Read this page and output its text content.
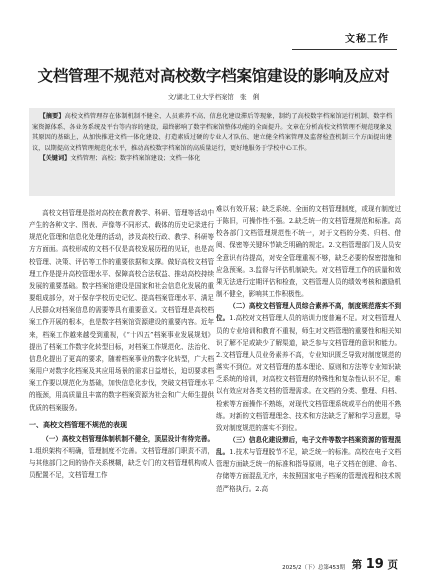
文秘工作
文档管理不规范对高校数字档案馆建设的影响及应对
文/湖北工业大学档案馆　张　俐

【摘要】高校文档管理存在体制机制不健全、人员素养不高、信息化建设滞后等现象，制约了高校数字档案馆运行机制、数字档案资源体系、各业务系统及平台等内容的建设，最终影响了数字档案馆整体功能的全面提升。文章在分析高校文档管理不规范现象及其原因的基础上，从加快推进文档一体化建设、打造素质过硬的专业人才队伍、建立健全档案管理及监督检查机制三个方面提出建议，以期提高文档管理规范化水平，推动高校数字档案馆的高质量运行，更好地服务于学校中心工作。

【关键词】文档管理；高校；数字档案馆建设；文档一体化

高校文档管理是指对高校在教育教学、科研、管理等活动中产生的各种文字、图表、声像等不同形式、载体的历史记录进行规范化管理和信息化处理的活动，涉及高校行政、教学、科研等方方面面。高校形成的文档不仅是高校发展历程的见证，也是高校管理、决策、评估等工作的重要依据和支撑。做好高校文档管理工作是提升高校管理水平、保障高校合法权益、推动高校持续发展的重要基础。数字档案馆建设是国家和社会信息化发展的重要组成部分，对于保存学校历史记忆、提高档案管理水平、满足人民群众对档案信息的需要等具有重要意义。文档管理是高校档案工作开展的根本，也是数字档案馆资源建设的重要内容。近年来，档案工作越来越受到重视，《“十四五”档案事业发展规划》提出了档案工作数字化转型目标，对档案工作规范化、法治化、信息化提出了更高的要求，随着档案事业的数字化转型，广大档案用户对数字化档案及其应用场景的需求日益增长，迫切要求档案工作要以规范化为基础，加快信息化步伐，突破文档管理水平的瓶颈，用高质量且丰富的数字档案资源为社会和广大师生提供优质的档案服务。

一、高校文档管理不规范的表现

（一）高校文档管理体制机制不健全，顶层设计有待完善。1.组织架构不明确，管理制度不完善。文档管理部门职责不清，与其他部门之间的协作关系模糊，缺乏专门的文档管理机构或人员配置不足，文档管理工作

难以有效开展；缺乏系统、全面的文档管理制度，或现有制度过于陈旧，可操作性不强。2.缺乏统一的文档管理规范和标准。高校各部门文档管理规范性不统一，对于文档的分类、归档、借阅、保密等关键环节缺乏明确的规定。2.文档管理部门及人员安全意识有待提高，对安全管理重视不够，缺乏必要的保密措施和应急预案。3.监督与评估机制缺失。对文档管理工作的质量和效果无法进行定期评估和检查，文档管理人员的绩效考核和激励机制不健全，影响其工作积极性。

（二）高校文档管理人员综合素养不高，制度规范落实不到位。1.高校对文档管理人员的培训力度普遍不足。对文档管理人员的专业培训和教育不重视，师生对文档管理的重要性和相关知识了解不足或缺少了解渠道，缺乏参与文档管理的意识和能力。2.文档管理人员业务素养不高，专业知识匮乏导致对制度规范的落实不到位。对文档管理的基本理论、原则和方法等专业知识缺乏系统的培训，对高校文档管理的特殊性和复杂性认识不足，难以有效应对各类文档的管理需求。在文档的分类、整理、归档、检索等方面操作不熟练，对现代文档管理系统或平台的使用不熟练。对新的文档管理理念、技术和方法缺乏了解和学习意愿，导致对制度规范的落实不到位。

（三）信息化建设滞后，电子文件等数字档案资源的管理混乱。1.技术与管理脱节不足，缺乏统一的标准。高校在电子文档管理方面缺乏统一的标准和指导原则，电子文档在创建、命名、存储等方面混乱无序，未按照国家电子档案的管理流程和技术规范严格执行。2.高

2025/2（下）总第453期 第 19 页
